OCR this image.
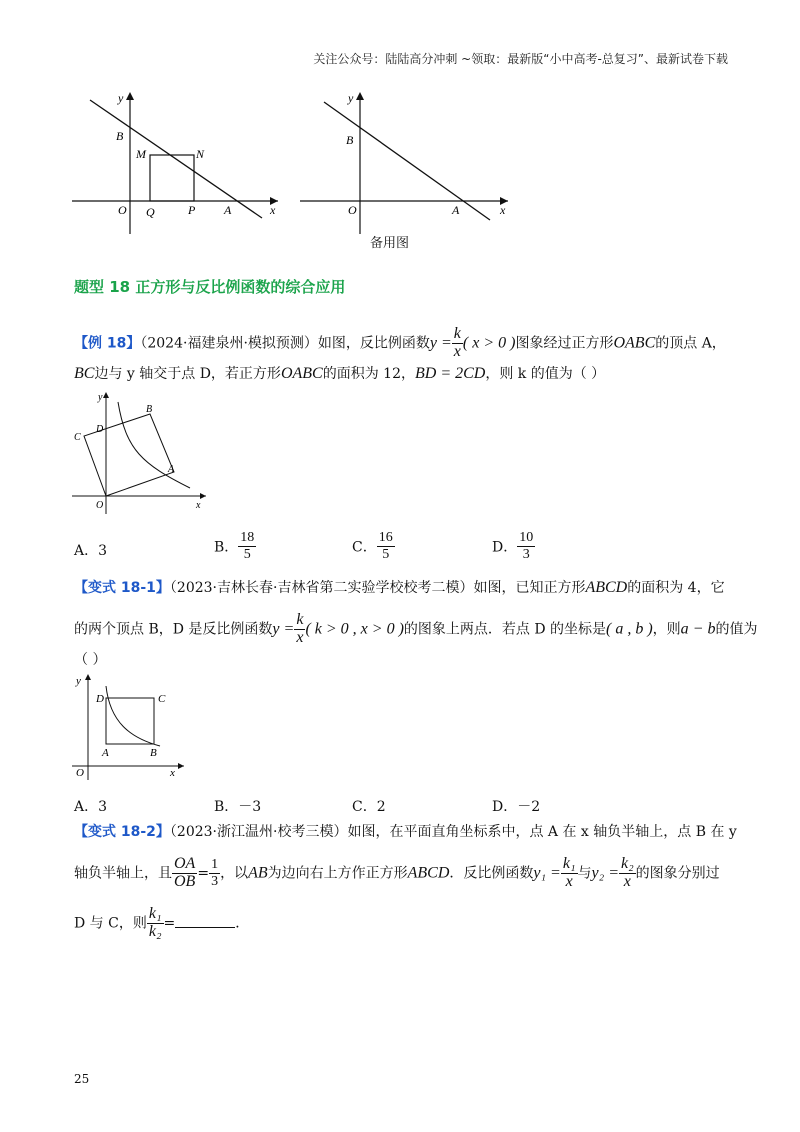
关注公众号：陆陆高分冲刺 ~领取：最新版“小中高考-总复习”、最新试卷下载
y
x
B
M	N
O Q	P A
y
x
B
O	A
备用图
题型 18 正方形与反比例函数的综合应用
【例 18】（2024·福建泉州·模拟预测）如图，反比例函数$y = \frac{k}{x}$ ( x > 0 )图象经过正方形OABC的顶点 A，
BC边与 y 轴交于点 D，若正方形OABC的面积为 12，BD = 2CD，则 k 的值为（ ）
y
x
D
C
B
A
O
A．3	B． $\frac{18}{5}$	C． $\frac{16}{5}$	D． $\frac{10}{3}$
【变式 18-1】（2023·吉林长春·吉林省第二实验学校校考二模）如图，已知正方形ABCD的面积为 4，它
的两个顶点 B，D 是反比例函数$y = \frac{k}{x}$ ( k > 0 , x > 0 )的图象上两点．若点 D 的坐标是( a , b )，则a − b的值为
（ ）
y
x
D	C
A	B
O
A．3	B．－3	C．2	D．－2
【变式 18-2】（2023·浙江温州·校考三模）如图，在平面直角坐标系中，点 A 在 x 轴负半轴上，点 B 在 y
轴负半轴上，且 $\frac{OA}{OB} = \frac{1}{3}$ ，以AB为边向右上方作正方形ABCD．反比例函数$y_1 = \frac{\text{k₁}}{x}$ 与$y_2 = \frac{\text{k₂}}{x}$ 的图象分别过
D 与 C，则 $\frac{\text{k₁}}{\text{k₂}}$ =	．
25
